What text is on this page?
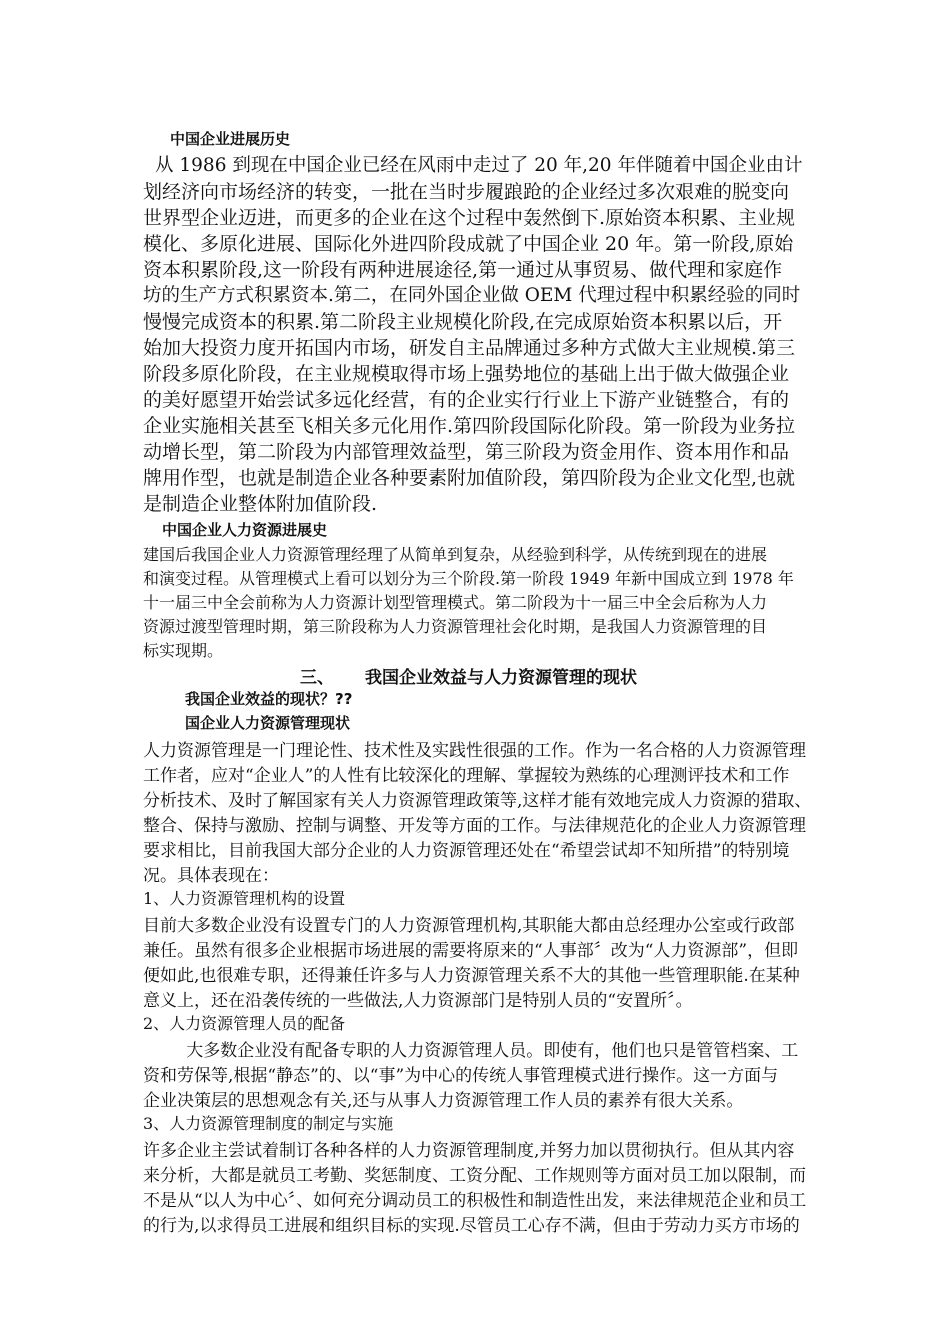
中国企业进展历史
从 1986 到现在中国企业已经在风雨中走过了 20 年,20 年伴随着中国企业由计
划经济向市场经济的转变，一批在当时步履踉跄的企业经过多次艰难的脱变向
世界型企业迈进，而更多的企业在这个过程中轰然倒下.原始资本积累、主业规
模化、多原化进展、国际化外进四阶段成就了中国企业 20 年。第一阶段,原始
资本积累阶段,这一阶段有两种进展途径,第一通过从事贸易、做代理和家庭作
坊的生产方式积累资本.第二，在同外国企业做 OEM 代理过程中积累经验的同时
慢慢完成资本的积累.第二阶段主业规模化阶段,在完成原始资本积累以后，开
始加大投资力度开拓国内市场，研发自主品牌通过多种方式做大主业规模.第三
阶段多原化阶段，在主业规模取得市场上强势地位的基础上出于做大做强企业
的美好愿望开始尝试多远化经营，有的企业实行行业上下游产业链整合，有的
企业实施相关甚至飞相关多元化用作.第四阶段国际化阶段。第一阶段为业务拉
动增长型，第二阶段为内部管理效益型，第三阶段为资金用作、资本用作和品
牌用作型，也就是制造企业各种要素附加值阶段，第四阶段为企业文化型,也就
是制造企业整体附加值阶段.
中国企业人力资源进展史
建国后我国企业人力资源管理经理了从简单到复杂，从经验到科学，从传统到现在的进展
和演变过程。从管理模式上看可以划分为三个阶段.第一阶段 1949 年新中国成立到 1978 年
十一届三中全会前称为人力资源计划型管理模式。第二阶段为十一届三中全会后称为人力
资源过渡型管理时期，第三阶段称为人力资源管理社会化时期，是我国人力资源管理的目
标实现期。
三、 我国企业效益与人力资源管理的现状
我国企业效益的现状？??
国企业人力资源管理现状
人力资源管理是一门理论性、技术性及实践性很强的工作。作为一名合格的人力资源管理
工作者，应对“企业人”的人性有比较深化的理解、掌握较为熟练的心理测评技术和工作
分析技术、及时了解国家有关人力资源管理政策等,这样才能有效地完成人力资源的猎取、
整合、保持与激励、控制与调整、开发等方面的工作。与法律规范化的企业人力资源管理
要求相比，目前我国大部分企业的人力资源管理还处在“希望尝试却不知所措”的特别境
况。具体表现在：
1、人力资源管理机构的设置
目前大多数企业没有设置专门的人力资源管理机构,其职能大都由总经理办公室或行政部
兼任。虽然有很多企业根据市场进展的需要将原来的“人事部〞改为“人力资源部”，但即
便如此,也很难专职，还得兼任许多与人力资源管理关系不大的其他一些管理职能.在某种
意义上，还在沿袭传统的一些做法,人力资源部门是特别人员的“安置所〞。
2、人力资源管理人员的配备
大多数企业没有配备专职的人力资源管理人员。即使有，他们也只是管管档案、工
资和劳保等,根据“静态”的、以“事”为中心的传统人事管理模式进行操作。这一方面与
企业决策层的思想观念有关,还与从事人力资源管理工作人员的素养有很大关系。
3、人力资源管理制度的制定与实施
许多企业主尝试着制订各种各样的人力资源管理制度,并努力加以贯彻执行。但从其内容
来分析，大都是就员工考勤、奖惩制度、工资分配、工作规则等方面对员工加以限制，而
不是从“以人为中心〞、如何充分调动员工的积极性和制造性出发，来法律规范企业和员工
的行为,以求得员工进展和组织目标的实现.尽管员工心存不满，但由于劳动力买方市场的
